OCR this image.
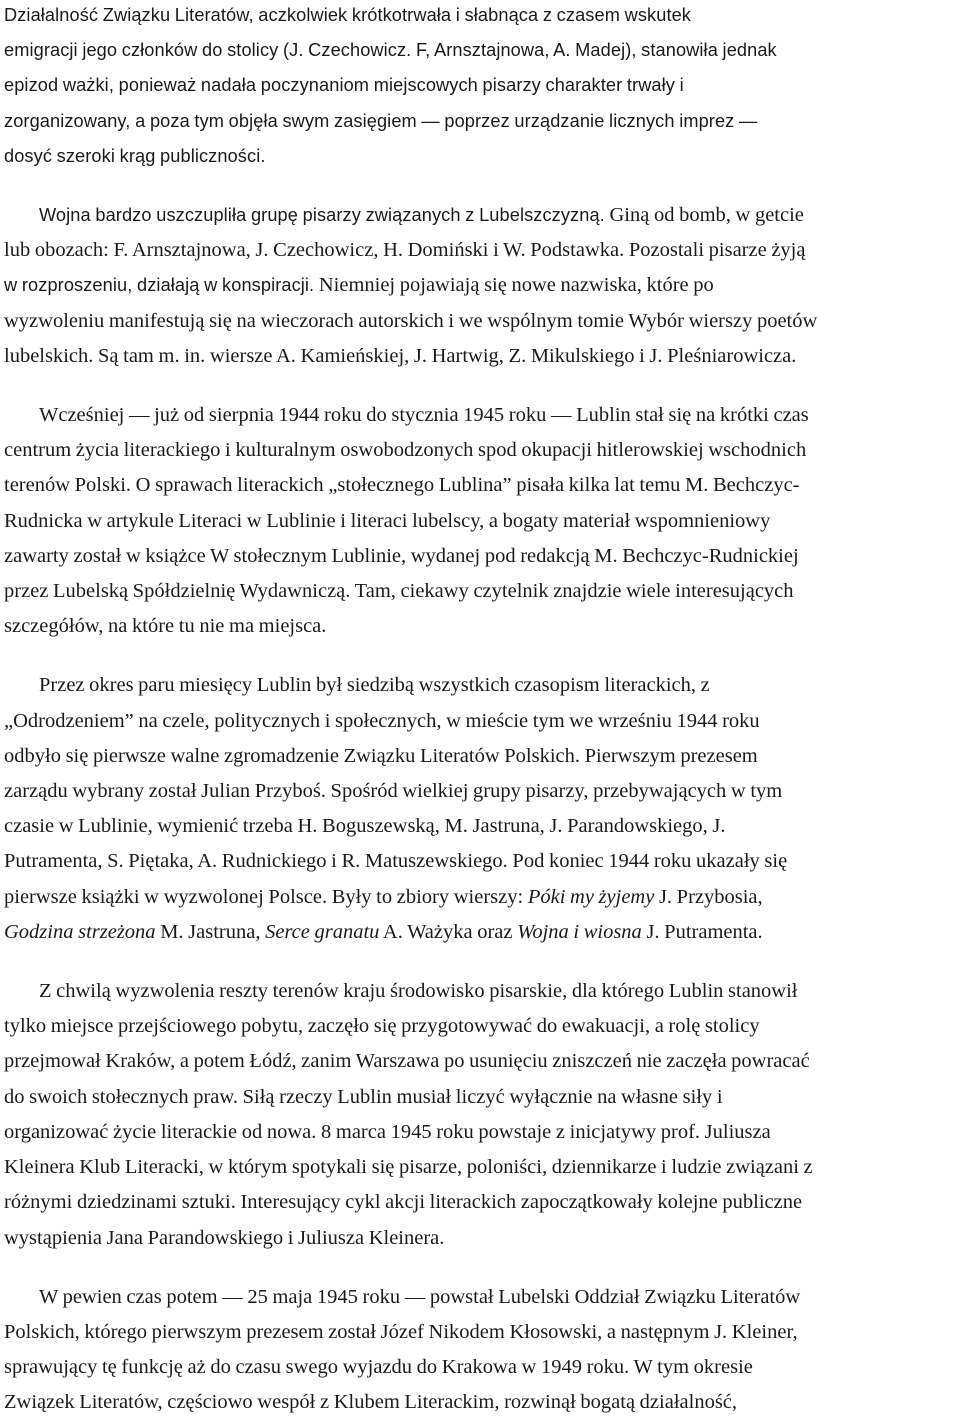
Działalność Związku Literatów, aczkolwiek krótkotrwała i słabnąca z czasem wskutek
emigracji jego członków do stolicy (J. Czechowicz. F, Arnsztajnowa, A. Madej), stanowiła jednak
epizod ważki, ponieważ nadała poczynaniom miejscowych pisarzy charakter trwały i
zorganizowany, a poza tym objęła swym zasięgiem — poprzez urządzanie licznych imprez —
dosyć szeroki krąg publiczności.

Wojna bardzo uszczupliła grupę pisarzy związanych z Lubelszczyzną. Giną od bomb, w getcie
lub obozach: F. Arnsztajnowa, J. Czechowicz, H. Domiński i W. Podstawka. Pozostali pisarze żyją
w rozproszeniu, działają w konspiracji. Niemniej pojawiają się nowe nazwiska, które po
wyzwoleniu manifestują się na wieczorach autorskich i we wspólnym tomie Wybór wierszy poetów
lubelskich. Są tam m. in. wiersze A. Kamieńskiej, J. Hartwig, Z. Mikulskiego i J. Pleśniarowicza.

Wcześniej — już od sierpnia 1944 roku do stycznia 1945 roku — Lublin stał się na krótki czas
centrum życia literackiego i kulturalnym oswobodzonych spod okupacji hitlerowskiej wschodnich
terenów Polski. O sprawach literackich „stołecznego Lublina” pisała kilka lat temu M. Bechczyc-
Rudnicka w artykule Literaci w Lublinie i literaci lubelscy, a bogaty materiał wspomnieniowy
zawarty został w książce W stołecznym Lublinie, wydanej pod redakcją M. Bechczyc-Rudnickiej
przez Lubelską Spółdzielnię Wydawniczą. Tam, ciekawy czytelnik znajdzie wiele interesujących
szczegółów, na które tu nie ma miejsca.

Przez okres paru miesięcy Lublin był siedzibą wszystkich czasopism literackich, z
„Odrodzeniem” na czele, politycznych i społecznych, w mieście tym we wrześniu 1944 roku
odbyło się pierwsze walne zgromadzenie Związku Literatów Polskich. Pierwszym prezesem
zarządu wybrany został Julian Przyboś. Spośród wielkiej grupy pisarzy, przebywających w tym
czasie w Lublinie, wymienić trzeba H. Boguszewską, M. Jastruna, J. Parandowskiego, J.
Putramenta, S. Piętaka, A. Rudnickiego i R. Matuszewskiego. Pod koniec 1944 roku ukazały się
pierwsze książki w wyzwolonej Polsce. Były to zbiory wierszy: Póki my żyjemy J. Przybosia,
Godzina strzeżona M. Jastruna, Serce granatu A. Ważyka oraz Wojna i wiosna J. Putramenta.

Z chwilą wyzwolenia reszty terenów kraju środowisko pisarskie, dla którego Lublin stanowił
tylko miejsce przejściowego pobytu, zaczęło się przygotowywać do ewakuacji, a rolę stolicy
przejmował Kraków, a potem Łódź, zanim Warszawa po usunięciu zniszczeń nie zaczęła powracać
do swoich stołecznych praw. Siłą rzeczy Lublin musiał liczyć wyłącznie na własne siły i
organizować życie literackie od nowa. 8 marca 1945 roku powstaje z inicjatywy prof. Juliusza
Kleinera Klub Literacki, w którym spotykali się pisarze, poloniści, dziennikarze i ludzie związani z
różnymi dziedzinami sztuki. Interesujący cykl akcji literackich zapoczątkowały kolejne publiczne
wystąpienia Jana Parandowskiego i Juliusza Kleinera.

W pewien czas potem — 25 maja 1945 roku — powstał Lubelski Oddział Związku Literatów
Polskich, którego pierwszym prezesem został Józef Nikodem Kłosowski, a następnym J. Kleiner,
sprawujący tę funkcję aż do czasu swego wyjazdu do Krakowa w 1949 roku. W tym okresie
Związek Literatów, częściowo wespół z Klubem Literackim, rozwinął bogatą działalność,
